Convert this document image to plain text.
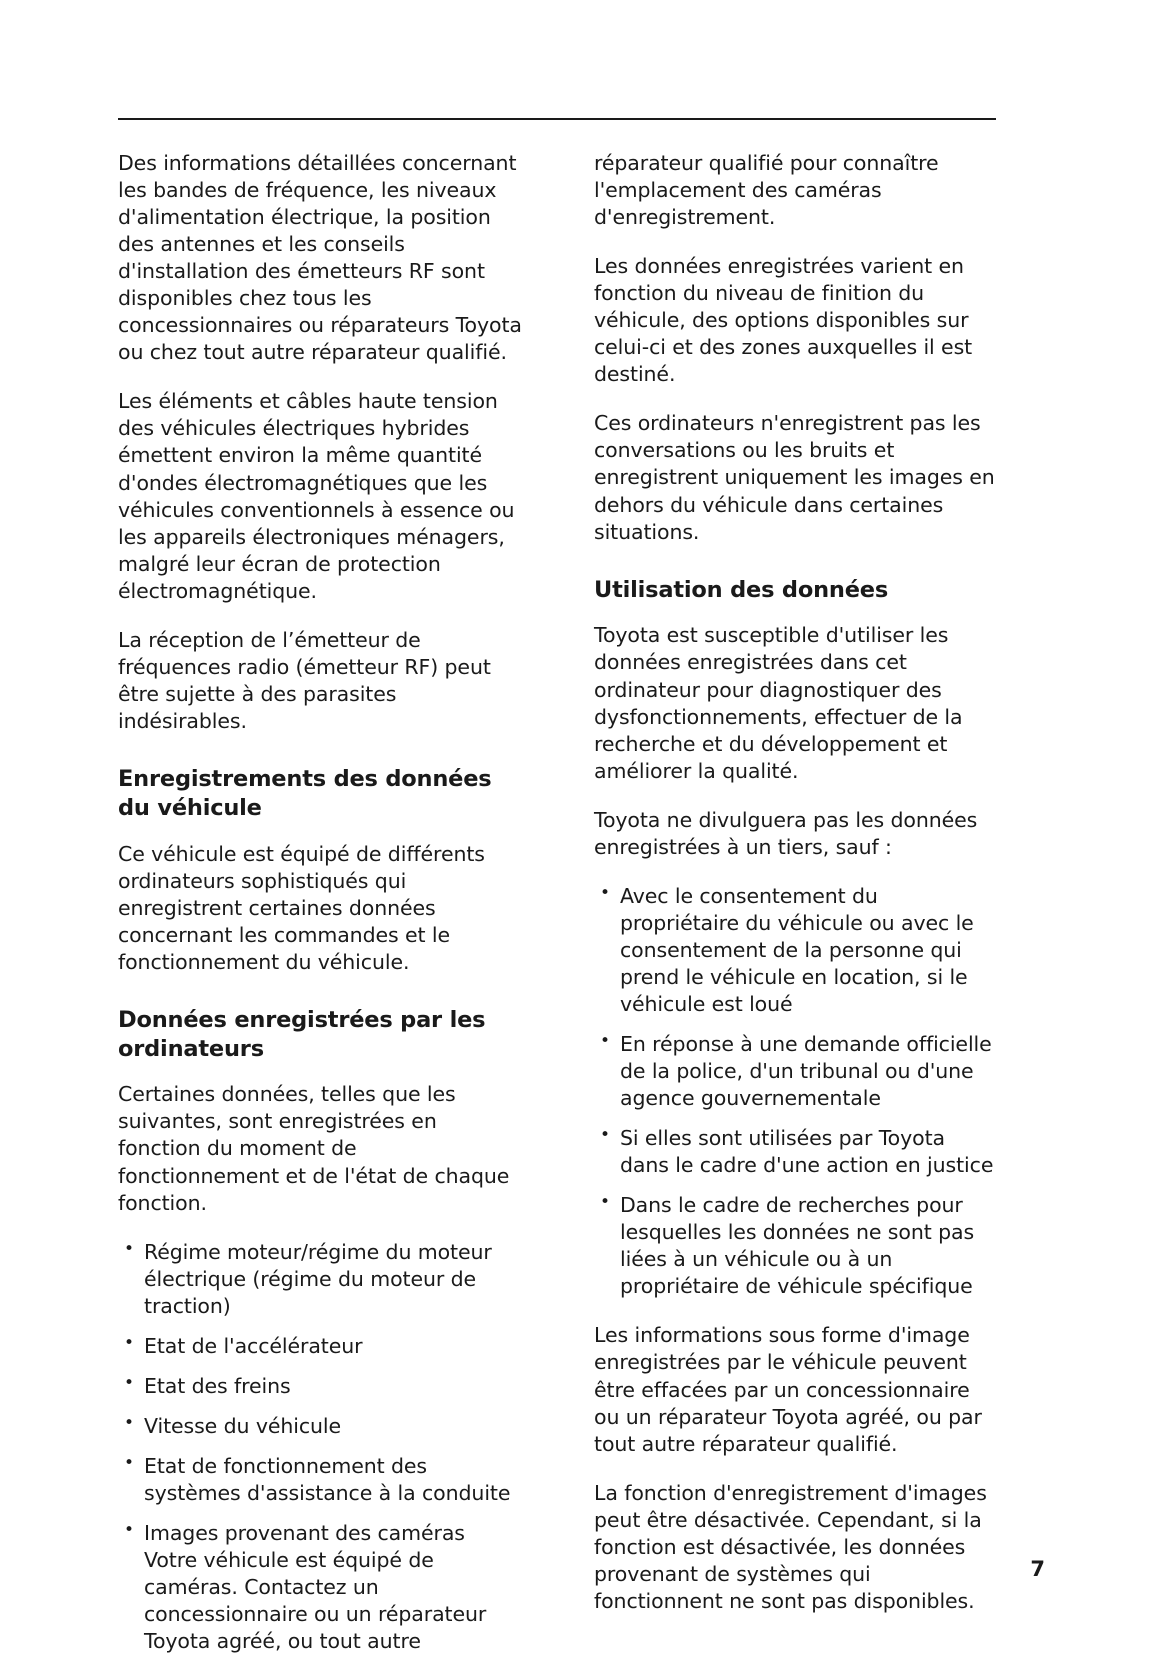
Des informations détaillées concernant les bandes de fréquence, les niveaux d'alimentation électrique, la position des antennes et les conseils d'installation des émetteurs RF sont disponibles chez tous les concessionnaires ou réparateurs Toyota ou chez tout autre réparateur qualifié.

Les éléments et câbles haute tension des véhicules électriques hybrides émettent environ la même quantité d'ondes électromagnétiques que les véhicules conventionnels à essence ou les appareils électroniques ménagers, malgré leur écran de protection électromagnétique.

La réception de l’émetteur de fréquences radio (émetteur RF) peut être sujette à des parasites indésirables.

Enregistrements des données du véhicule

Ce véhicule est équipé de différents ordinateurs sophistiqués qui enregistrent certaines données concernant les commandes et le fonctionnement du véhicule.

Données enregistrées par les ordinateurs

Certaines données, telles que les suivantes, sont enregistrées en fonction du moment de fonctionnement et de l'état de chaque fonction.

• Régime moteur/régime du moteur électrique (régime du moteur de traction)
• Etat de l'accélérateur
• Etat des freins
• Vitesse du véhicule
• Etat de fonctionnement des systèmes d'assistance à la conduite
• Images provenant des caméras Votre véhicule est équipé de caméras. Contactez un concessionnaire ou un réparateur Toyota agréé, ou tout autre

réparateur qualifié pour connaître l'emplacement des caméras d'enregistrement.

Les données enregistrées varient en fonction du niveau de finition du véhicule, des options disponibles sur celui-ci et des zones auxquelles il est destiné.

Ces ordinateurs n'enregistrent pas les conversations ou les bruits et enregistrent uniquement les images en dehors du véhicule dans certaines situations.

Utilisation des données

Toyota est susceptible d'utiliser les données enregistrées dans cet ordinateur pour diagnostiquer des dysfonctionnements, effectuer de la recherche et du développement et améliorer la qualité.

Toyota ne divulguera pas les données enregistrées à un tiers, sauf :

• Avec le consentement du propriétaire du véhicule ou avec le consentement de la personne qui prend le véhicule en location, si le véhicule est loué
• En réponse à une demande officielle de la police, d'un tribunal ou d'une agence gouvernementale
• Si elles sont utilisées par Toyota dans le cadre d'une action en justice
• Dans le cadre de recherches pour lesquelles les données ne sont pas liées à un véhicule ou à un propriétaire de véhicule spécifique

Les informations sous forme d'image enregistrées par le véhicule peuvent être effacées par un concessionnaire ou un réparateur Toyota agréé, ou par tout autre réparateur qualifié.

La fonction d'enregistrement d'images peut être désactivée. Cependant, si la fonction est désactivée, les données provenant de systèmes qui fonctionnent ne sont pas disponibles.

7
